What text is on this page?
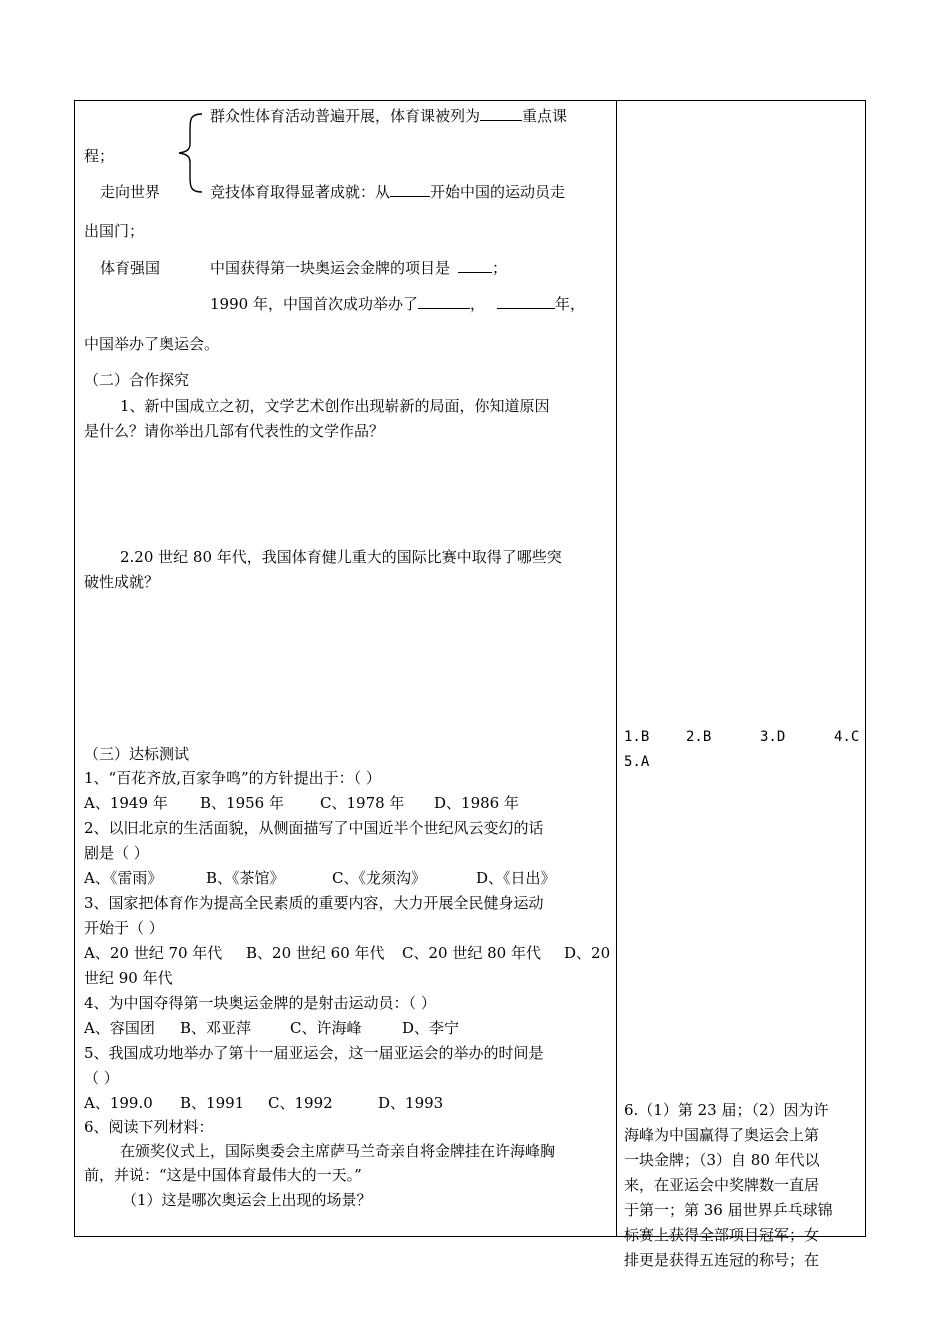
群众性体育活动普遍开展，体育课被列为	重点课
程；
走向世界	竞技体育取得显著成就：从	开始中国的运动员走
出国门；
体育强国	中国获得第一块奥运会金牌的项目是	；
1990 年，中国首次成功举办了	，	年，
中国举办了奥运会。
（二）合作探究
1、新中国成立之初，文学艺术创作出现崭新的局面，你知道原因
是什么？请你举出几部有代表性的文学作品？
2.20 世纪 80 年代，我国体育健儿重大的国际比赛中取得了哪些突
破性成就？
（三）达标测试
1、“百花齐放,百家争鸣”的方针提出于：（ ）
A、1949 年 B、1956 年 C、1978 年 D、1986 年
2、以旧北京的生活面貌，从侧面描写了中国近半个世纪风云变幻的话
剧是（ ）
A、《雷雨》	B、《茶馆》	C、《龙须沟》	D、《日出》
3、国家把体育作为提高全民素质的重要内容，大力开展全民健身运动
开始于（ ）
A、20 世纪 70 年代 B、20 世纪 60 年代 C、20 世纪 80 年代 D、20
世纪 90 年代
4、为中国夺得第一块奥运金牌的是射击运动员：（ ）
A、容国团 B、邓亚萍	C、许海峰	D、李宁
5、我国成功地举办了第十一届亚运会，这一届亚运会的举办的时间是
（ ）
A、199.0 B、1991 C、1992	D、1993
6、阅读下列材料：
在颁奖仪式上，国际奥委会主席萨马兰奇亲自将金牌挂在许海峰胸
前，并说：“这是中国体育最伟大的一天。”
（1）这是哪次奥运会上出现的场景？
1.B	2.B	3.D	4.C
5.A
6.（1）第 23 届；（2）因为许
海峰为中国赢得了奥运会上第
一块金牌；（3）自 80 年代以
来，在亚运会中奖牌数一直居
于第一；第 36 届世界乒乓球锦
标赛上获得全部项目冠军；女
排更是获得五连冠的称号；在
